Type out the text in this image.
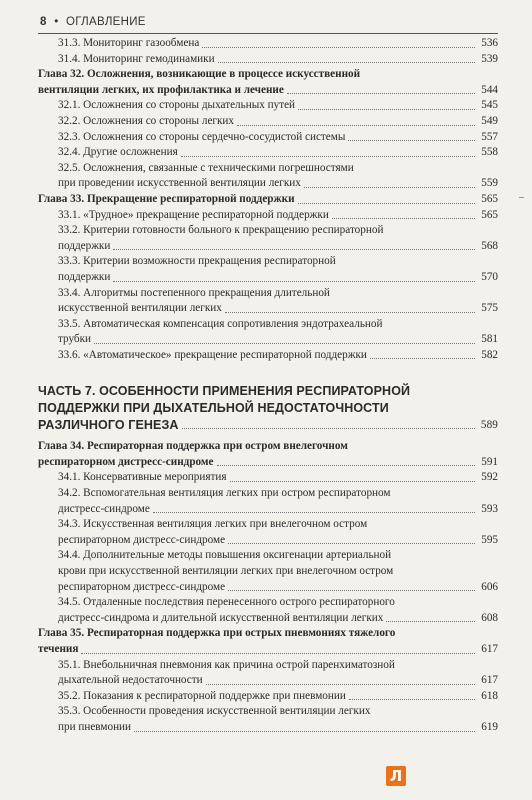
8 • ОГЛАВЛЕНИЕ
31.3. Мониторинг газообмена	536
31.4. Мониторинг гемодинамики	539
Глава 32. Осложнения, возникающие в процессе искусственной
вентиляции легких, их профилактика и лечение	544
32.1. Осложнения со стороны дыхательных путей	545
32.2. Осложнения со стороны легких	549
32.3. Осложнения со стороны сердечно-сосудистой системы	557
32.4. Другие осложнения	558
32.5. Осложнения, связанные с техническими погрешностями
при проведении искусственной вентиляции легких	559
Глава 33. Прекращение респираторной поддержки	565
33.1. «Трудное» прекращение респираторной поддержки	565
33.2. Критерии готовности больного к прекращению респираторной
поддержки	568
33.3. Критерии возможности прекращения респираторной
поддержки	570
33.4. Алгоритмы постепенного прекращения длительной
искусственной вентиляции легких	575
33.5. Автоматическая компенсация сопротивления эндотрахеальной
трубки	581
33.6. «Автоматическое» прекращение респираторной поддержки	582
ЧАСТЬ 7. ОСОБЕННОСТИ ПРИМЕНЕНИЯ РЕСПИРАТОРНОЙ
ПОДДЕРЖКИ ПРИ ДЫХАТЕЛЬНОЙ НЕДОСТАТОЧНОСТИ
РАЗЛИЧНОГО ГЕНЕЗА	589
Глава 34. Респираторная поддержка при остром внелегочном
респираторном дистресс-синдроме	591
34.1. Консервативные мероприятия	592
34.2. Вспомогательная вентиляция легких при остром респираторном
дистресс-синдроме	593
34.3. Искусственная вентиляция легких при внелегочном остром
респираторном дистресс-синдроме	595
34.4. Дополнительные методы повышения оксигенации артериальной
крови при искусственной вентиляции легких при внелегочном остром
респираторном дистресс-синдроме	606
34.5. Отдаленные последствия перенесенного острого респираторного
дистресс-синдрома и длительной искусственной вентиляции легких	608
Глава 35. Респираторная поддержка при острых пневмониях тяжелого
течения	617
35.1. Внебольничная пневмония как причина острой паренхиматозной
дыхательной недостаточности	617
35.2. Показания к респираторной поддержке при пневмонии	618
35.3. Особенности проведения искусственной вентиляции легких
при пневмонии	619
Л
